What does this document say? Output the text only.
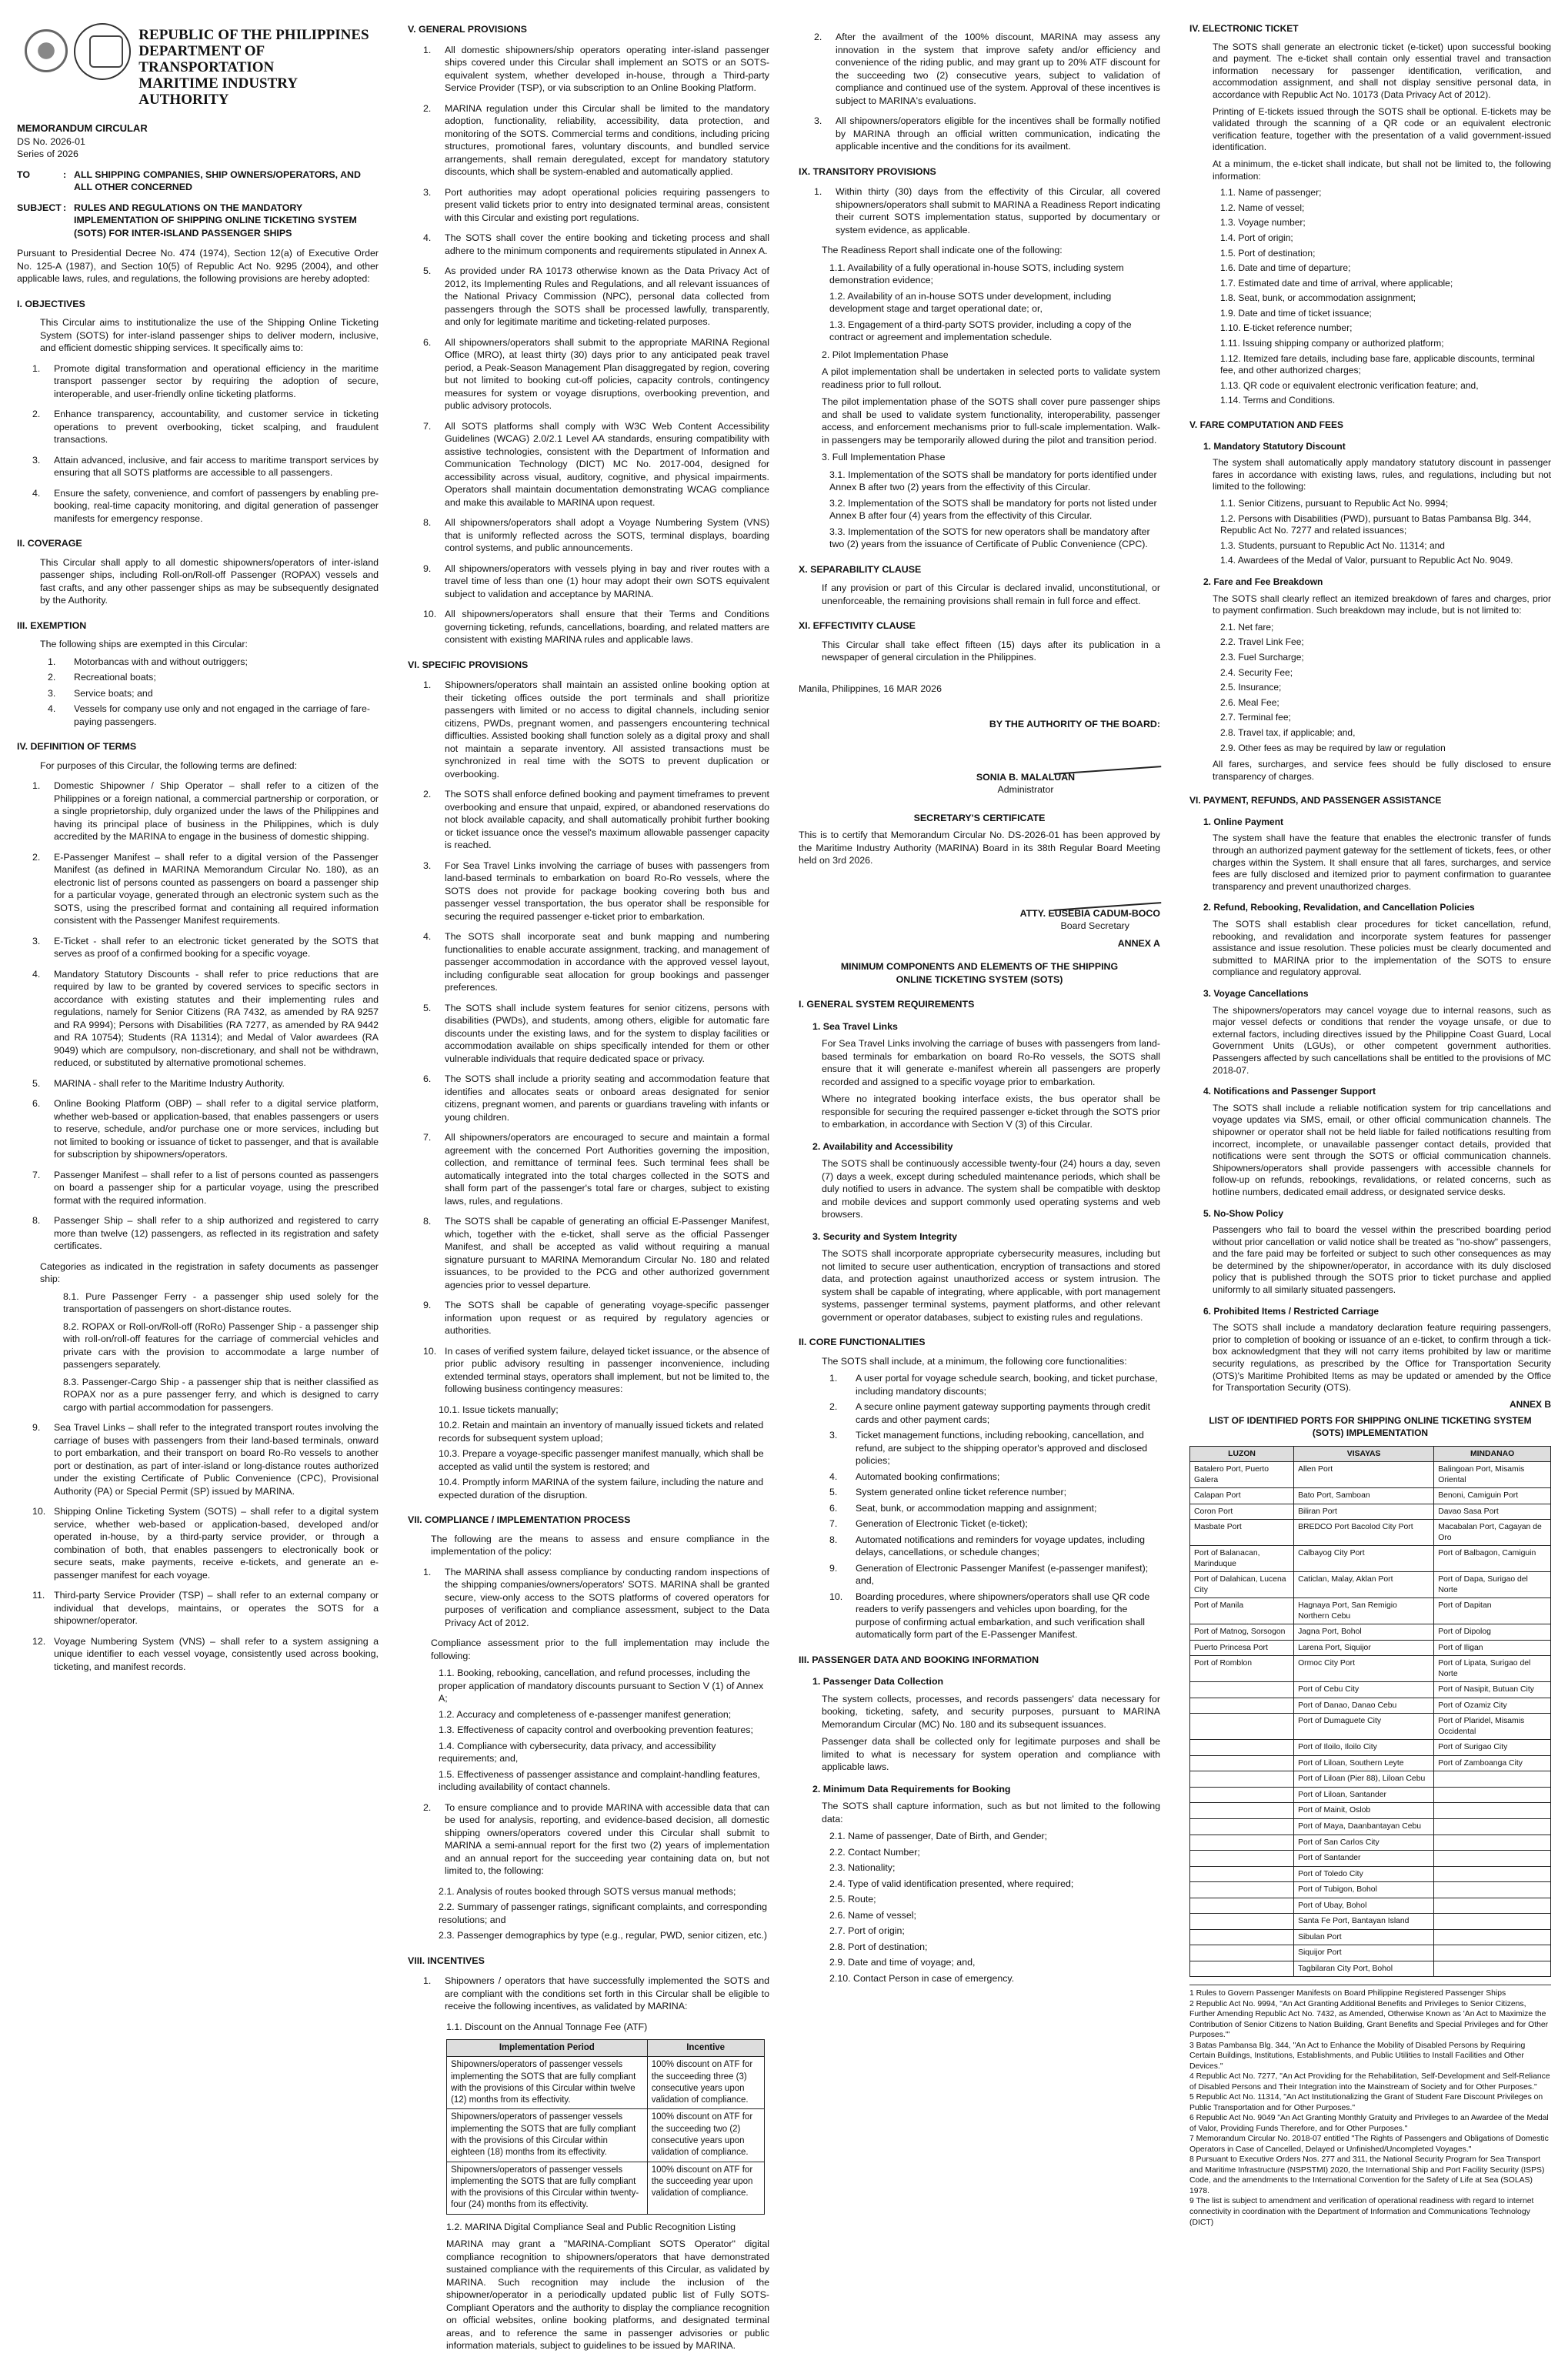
REPUBLIC OF THE PHILIPPINES
DEPARTMENT OF TRANSPORTATION
MARITIME INDUSTRY AUTHORITY
MEMORANDUM CIRCULAR
DS No. 2026-01
Series of 2026
TO	: ALL SHIPPING COMPANIES, SHIP OWNERS/OPERATORS, AND ALL OTHER CONCERNED
SUBJECT : RULES AND REGULATIONS ON THE MANDATORY IMPLEMENTATION OF SHIPPING ONLINE TICKETING SYSTEM (SOTS) FOR INTER-ISLAND PASSENGER SHIPS

Pursuant to Presidential Decree No. 474 (1974), Section 12(a) of Executive Order No. 125-A (1987), and Section 10(5) of Republic Act No. 9295 (2004), and other applicable laws, rules, and regulations, the following provisions are hereby adopted:

I. OBJECTIVES

This Circular aims to institutionalize the use of the Shipping Online Ticketing System (SOTS) for inter-island passenger ships to deliver modern, inclusive, and efficient domestic shipping services. It specifically aims to:

1.	Promote digital transformation and operational efficiency in the maritime transport passenger sector by requiring the adoption of secure, interoperable, and user-friendly online ticketing platforms.
2.	Enhance transparency, accountability, and customer service in ticketing operations to prevent overbooking, ticket scalping, and fraudulent transactions.
3.	Attain advanced, inclusive, and fair access to maritime transport services by ensuring that all SOTS platforms are accessible to all passengers.
4.	Ensure the safety, convenience, and comfort of passengers by enabling pre-booking, real-time capacity monitoring, and digital generation of passenger manifests for emergency response.
II. COVERAGE

This Circular shall apply to all domestic shipowners/operators of inter-island passenger ships, including Roll-on/Roll-off Passenger (ROPAX) vessels and fast crafts, and any other passenger ships as may be subsequently designated by the Authority.

III. EXEMPTION

The following ships are exempted in this Circular:

1.	Motorbancas with and without outriggers;
2.	Recreational boats;
3.	Service boats; and
4.	Vessels for company use only and not engaged in the carriage of fare-paying passengers.
IV. DEFINITION OF TERMS

For purposes of this Circular, the following terms are defined:

1.	Domestic Shipowner / Ship Operator – shall refer to a citizen of the Philippines or a foreign national, a commercial partnership or corporation, or a single proprietorship, duly organized under the laws of the Philippines and having its principal place of business in the Philippines, which is duly accredited by the MARINA to engage in the business of domestic shipping.
2.	E-Passenger Manifest – shall refer to a digital version of the Passenger Manifest (as defined in MARINA Memorandum Circular No. 180), as an electronic list of persons counted as passengers on board a passenger ship for a particular voyage, generated through an electronic system such as the SOTS, using the prescribed format and containing all required information consistent with the Passenger Manifest requirements.
3.	E-Ticket - shall refer to an electronic ticket generated by the SOTS that serves as proof of a confirmed booking for a specific voyage.
4.	Mandatory Statutory Discounts - shall refer to price reductions that are required by law to be granted by covered services to specific sectors in accordance with existing statutes and their implementing rules and regulations, namely for Senior Citizens (RA 7432, as amended by RA 9257 and RA 9994); Persons with Disabilities (RA 7277, as amended by RA 9442 and RA 10754); Students (RA 11314); and Medal of Valor awardees (RA 9049) which are compulsory, non-discretionary, and shall not be withdrawn, reduced, or substituted by alternative promotional schemes.
5.	MARINA - shall refer to the Maritime Industry Authority.
6.	Online Booking Platform (OBP) – shall refer to a digital service platform, whether web-based or application-based, that enables passengers or users to reserve, schedule, and/or purchase one or more services, including but not limited to booking or issuance of ticket to passenger, and that is available for subscription by shipowners/operators.
7.	Passenger Manifest – shall refer to a list of persons counted as passengers on board a passenger ship for a particular voyage, using the prescribed format with the required information.
8.	Passenger Ship – shall refer to a ship authorized and registered to carry more than twelve (12) passengers, as reflected in its registration and safety certificates.

Categories as indicated in the registration in safety documents as passenger ship:

8.1. Pure Passenger Ferry - a passenger ship used solely for the transportation of passengers on short-distance routes.

8.2. ROPAX or Roll-on/Roll-off (RoRo) Passenger Ship - a passenger ship with roll-on/roll-off features for the carriage of commercial vehicles and private cars with the provision to accommodate a large number of passengers separately.

8.3. Passenger-Cargo Ship - a passenger ship that is neither classified as ROPAX nor as a pure passenger ferry, and which is designed to carry cargo with partial accommodation for passengers.

9.	Sea Travel Links – shall refer to the integrated transport routes involving the carriage of buses with passengers from their land-based terminals, onward to port embarkation, and their transport on board Ro-Ro vessels to another port or destination, as part of inter-island or long-distance routes authorized under the existing Certificate of Public Convenience (CPC), Provisional Authority (PA) or Special Permit (SP) issued by MARINA.
10. Shipping Online Ticketing System (SOTS) – shall refer to a digital system service, whether web-based or application-based, developed and/or operated in-house, by a third-party service provider, or through a combination of both, that enables passengers to electronically book or secure seats, make payments, receive e-tickets, and generate an e-passenger manifest for each voyage.
11. Third-party Service Provider (TSP) – shall refer to an external company or individual that develops, maintains, or operates the SOTS for a shipowner/operator.
12. Voyage Numbering System (VNS) – shall refer to a system assigning a unique identifier to each vessel voyage, consistently used across booking, ticketing, and manifest records.
V. GENERAL PROVISIONS
1.	All domestic shipowners/ship operators operating inter-island passenger ships covered under this Circular shall implement an SOTS or an SOTS-equivalent system, whether developed in-house, through a Third-party Service Provider (TSP), or via subscription to an Online Booking Platform.
2.	MARINA regulation under this Circular shall be limited to the mandatory adoption, functionality, reliability, accessibility, data protection, and monitoring of the SOTS. Commercial terms and conditions, including pricing structures, promotional fares, voluntary discounts, and bundled service arrangements, shall remain deregulated, except for mandatory statutory discounts, which shall be system-enabled and automatically applied.
3.	Port authorities may adopt operational policies requiring passengers to present valid tickets prior to entry into designated terminal areas, consistent with this Circular and existing port regulations.
4.	The SOTS shall cover the entire booking and ticketing process and shall adhere to the minimum components and requirements stipulated in Annex A.
5.	As provided under RA 10173 otherwise known as the Data Privacy Act of 2012, its Implementing Rules and Regulations, and all relevant issuances of the National Privacy Commission (NPC), personal data collected from passengers through the SOTS shall be processed lawfully, transparently, and only for legitimate maritime and ticketing-related purposes.
6.	All shipowners/operators shall submit to the appropriate MARINA Regional Office (MRO), at least thirty (30) days prior to any anticipated peak travel period, a Peak-Season Management Plan disaggregated by region, covering but not limited to booking cut-off policies, capacity controls, contingency measures for system or voyage disruptions, overbooking prevention, and public advisory protocols.
7.	All SOTS platforms shall comply with W3C Web Content Accessibility Guidelines (WCAG) 2.0/2.1 Level AA standards, ensuring compatibility with assistive technologies, consistent with the Department of Information and Communication Technology (DICT) MC No. 2017-004, designed for accessibility across visual, auditory, cognitive, and physical impairments. Operators shall maintain documentation demonstrating WCAG compliance and make this available to MARINA upon request.
8.	All shipowners/operators shall adopt a Voyage Numbering System (VNS) that is uniformly reflected across the SOTS, terminal displays, boarding control systems, and public announcements.
9.	All shipowners/operators with vessels plying in bay and river routes with a travel time of less than one (1) hour may adopt their own SOTS equivalent subject to validation and acceptance by MARINA.
10. All shipowners/operators shall ensure that their Terms and Conditions governing ticketing, refunds, cancellations, boarding, and related matters are consistent with existing MARINA rules and applicable laws.
VI. SPECIFIC PROVISIONS
1.	Shipowners/operators shall maintain an assisted online booking option at their ticketing offices outside the port terminals and shall prioritize passengers with limited or no access to digital channels, including senior citizens, PWDs, pregnant women, and passengers encountering technical difficulties. Assisted booking shall function solely as a digital proxy and shall not maintain a separate inventory. All assisted transactions must be synchronized in real time with the SOTS to prevent duplication or overbooking.
2.	The SOTS shall enforce defined booking and payment timeframes to prevent overbooking and ensure that unpaid, expired, or abandoned reservations do not block available capacity, and shall automatically prohibit further booking or ticket issuance once the vessel's maximum allowable passenger capacity is reached.
3.	For Sea Travel Links involving the carriage of buses with passengers from land-based terminals to embarkation on board Ro-Ro vessels, where the SOTS does not provide for package booking covering both bus and passenger vessel transportation, the bus operator shall be responsible for securing the required passenger e-ticket prior to embarkation.
4.	The SOTS shall incorporate seat and bunk mapping and numbering functionalities to enable accurate assignment, tracking, and management of passenger accommodation in accordance with the approved vessel layout, including configurable seat allocation for group bookings and passenger preferences.
5.	The SOTS shall include system features for senior citizens, persons with disabilities (PWDs), and students, among others, eligible for automatic fare discounts under the existing laws, and for the system to display facilities or accommodation available on ships specifically intended for them or other vulnerable individuals that require dedicated space or privacy.
6.	The SOTS shall include a priority seating and accommodation feature that identifies and allocates seats or onboard areas designated for senior citizens, pregnant women, and parents or guardians traveling with infants or young children.
7.	All shipowners/operators are encouraged to secure and maintain a formal agreement with the concerned Port Authorities governing the imposition, collection, and remittance of terminal fees. Such terminal fees shall be automatically integrated into the total charges collected in the SOTS and shall form part of the passenger's total fare or charges, subject to existing laws, rules, and regulations.
8.	The SOTS shall be capable of generating an official E-Passenger Manifest, which, together with the e-ticket, shall serve as the official Passenger Manifest, and shall be accepted as valid without requiring a manual signature pursuant to MARINA Memorandum Circular No. 180 and related issuances, to be provided to the PCG and other authorized government agencies prior to vessel departure.
9.	The SOTS shall be capable of generating voyage-specific passenger information upon request or as required by regulatory agencies or authorities.
10. In cases of verified system failure, delayed ticket issuance, or the absence of prior public advisory resulting in passenger inconvenience, including extended terminal stays, operators shall implement, but not be limited to, the following business contingency measures:
10.1. Issue tickets manually;
10.2. Retain and maintain an inventory of manually issued tickets and related records for subsequent system upload;
10.3. Prepare a voyage-specific passenger manifest manually, which shall be accepted as valid until the system is restored; and
10.4. Promptly inform MARINA of the system failure, including the nature and expected duration of the disruption.
VII. COMPLIANCE / IMPLEMENTATION PROCESS

The following are the means to assess and ensure compliance in the implementation of the policy:

1.	The MARINA shall assess compliance by conducting random inspections of the shipping companies/owners/operators' SOTS. MARINA shall be granted secure, view-only access to the SOTS platforms of covered operators for purposes of verification and compliance assessment, subject to the Data Privacy Act of 2012.

Compliance assessment prior to the full implementation may include the following:

1.1. Booking, rebooking, cancellation, and refund processes, including the proper application of mandatory discounts pursuant to Section V (1) of Annex A;
1.2. Accuracy and completeness of e-passenger manifest generation;
1.3. Effectiveness of capacity control and overbooking prevention features;
1.4. Compliance with cybersecurity, data privacy, and accessibility requirements; and,
1.5. Effectiveness of passenger assistance and complaint-handling features, including availability of contact channels.
2.	To ensure compliance and to provide MARINA with accessible data that can be used for analysis, reporting, and evidence-based decision, all domestic shipping owners/operators covered under this Circular shall submit to MARINA a semi-annual report for the first two (2) years of implementation and an annual report for the succeeding year containing data on, but not limited to, the following:
2.1. Analysis of routes booked through SOTS versus manual methods;
2.2. Summary of passenger ratings, significant complaints, and corresponding resolutions; and
2.3. Passenger demographics by type (e.g., regular, PWD, senior citizen, etc.)
VIII. INCENTIVES
1.	Shipowners / operators that have successfully implemented the SOTS and are compliant with the conditions set forth in this Circular shall be eligible to receive the following incentives, as validated by MARINA:

1.1. Discount on the Annual Tonnage Fee (ATF)

Implementation Period	Incentive
Shipowners/operators of passenger vessels implementing the SOTS that are fully compliant with the provisions of this Circular within twelve (12) months from its effectivity.	100% discount on ATF for the succeeding three (3) consecutive years upon validation of compliance.
Shipowners/operators of passenger vessels implementing the SOTS that are fully compliant with the provisions of this Circular within eighteen (18) months from its effectivity.	100% discount on ATF for the succeeding two (2) consecutive years upon validation of compliance.
Shipowners/operators of passenger vessels implementing the SOTS that are fully compliant with the provisions of this Circular within twenty-four (24) months from its effectivity.	100% discount on ATF for the succeeding year upon validation of compliance.

1.2. MARINA Digital Compliance Seal and Public Recognition Listing

MARINA may grant a "MARINA-Compliant SOTS Operator" digital compliance recognition to shipowners/operators that have demonstrated sustained compliance with the requirements of this Circular, as validated by MARINA. Such recognition may include the inclusion of the shipowner/operator in a periodically updated public list of Fully SOTS-Compliant Operators and the authority to display the compliance recognition on official websites, online booking platforms, and designated terminal areas, and to reference the same in passenger advisories or public information materials, subject to guidelines to be issued by MARINA.

2.	After the availment of the 100% discount, MARINA may assess any innovation in the system that improve safety and/or efficiency and convenience of the riding public, and may grant up to 20% ATF discount for the succeeding two (2) consecutive years, subject to validation of compliance and continued use of the system. Approval of these incentives is subject to MARINA's evaluations.
3.	All shipowners/operators eligible for the incentives shall be formally notified by MARINA through an official written communication, indicating the applicable incentive and the conditions for its availment.
IX. TRANSITORY PROVISIONS
1.	Within thirty (30) days from the effectivity of this Circular, all covered shipowners/operators shall submit to MARINA a Readiness Report indicating their current SOTS implementation status, supported by documentary or system evidence, as applicable.

The Readiness Report shall indicate one of the following:

1.1. Availability of a fully operational in-house SOTS, including system demonstration evidence;
1.2. Availability of an in-house SOTS under development, including development stage and target operational date; or,
1.3. Engagement of a third-party SOTS provider, including a copy of the contract or agreement and implementation schedule.

2. Pilot Implementation Phase

A pilot implementation shall be undertaken in selected ports to validate system readiness prior to full rollout.

The pilot implementation phase of the SOTS shall cover pure passenger ships and shall be used to validate system functionality, interoperability, passenger access, and enforcement mechanisms prior to full-scale implementation. Walk-in passengers may be temporarily allowed during the pilot and transition period.

3. Full Implementation Phase

3.1. Implementation of the SOTS shall be mandatory for ports identified under Annex B after two (2) years from the effectivity of this Circular.
3.2. Implementation of the SOTS shall be mandatory for ports not listed under Annex B after four (4) years from the effectivity of this Circular.
3.3. Implementation of the SOTS for new operators shall be mandatory after two (2) years from the issuance of Certificate of Public Convenience (CPC).
X. SEPARABILITY CLAUSE

If any provision or part of this Circular is declared invalid, unconstitutional, or unenforceable, the remaining provisions shall remain in full force and effect.

XI. EFFECTIVITY CLAUSE

This Circular shall take effect fifteen (15) days after its publication in a newspaper of general circulation in the Philippines.

Manila, Philippines, 16 MAR 2026

BY THE AUTHORITY OF THE BOARD:
SONIA B. MALALUAN
Administrator
SECRETARY'S CERTIFICATE

This is to certify that Memorandum Circular No. DS-2026-01 has been approved by the Maritime Industry Authority (MARINA) Board in its 38th Regular Board Meeting held on 3rd 2026.

ATTY. EUSEBIA CADUM-BOCO
Board Secretary
ANNEX A
MINIMUM COMPONENTS AND ELEMENTS OF THE SHIPPING ONLINE TICKETING SYSTEM (SOTS)
I. GENERAL SYSTEM REQUIREMENTS
1. Sea Travel Links

For Sea Travel Links involving the carriage of buses with passengers from land-based terminals for embarkation on board Ro-Ro vessels, the SOTS shall ensure that it will generate e-manifest wherein all passengers are properly recorded and assigned to a specific voyage prior to embarkation.

Where no integrated booking interface exists, the bus operator shall be responsible for securing the required passenger e-ticket through the SOTS prior to embarkation, in accordance with Section V (3) of this Circular.

2. Availability and Accessibility

The SOTS shall be continuously accessible twenty-four (24) hours a day, seven (7) days a week, except during scheduled maintenance periods, which shall be duly notified to users in advance. The system shall be compatible with desktop and mobile devices and support commonly used operating systems and web browsers.

3. Security and System Integrity

The SOTS shall incorporate appropriate cybersecurity measures, including but not limited to secure user authentication, encryption of transactions and stored data, and protection against unauthorized access or system intrusion. The system shall be capable of integrating, where applicable, with port management systems, passenger terminal systems, payment platforms, and other relevant government or operator databases, subject to existing rules and regulations.

II. CORE FUNCTIONALITIES

The SOTS shall include, at a minimum, the following core functionalities:

1.	A user portal for voyage schedule search, booking, and ticket purchase, including mandatory discounts;
2.	A secure online payment gateway supporting payments through credit cards and other payment cards;
3.	Ticket management functions, including rebooking, cancellation, and refund, are subject to the shipping operator's approved and disclosed policies;
4.	Automated booking confirmations;
5.	System generated online ticket reference number;
6.	Seat, bunk, or accommodation mapping and assignment;
7.	Generation of Electronic Ticket (e-ticket);
8.	Automated notifications and reminders for voyage updates, including delays, cancellations, or schedule changes;
9.	Generation of Electronic Passenger Manifest (e-passenger manifest); and,
10.	Boarding procedures, where shipowners/operators shall use QR code readers to verify passengers and vehicles upon boarding, for the purpose of confirming actual embarkation, and such verification shall automatically form part of the E-Passenger Manifest.
III. PASSENGER DATA AND BOOKING INFORMATION
1. Passenger Data Collection

The system collects, processes, and records passengers' data necessary for booking, ticketing, safety, and security purposes, pursuant to MARINA Memorandum Circular (MC) No. 180 and its subsequent issuances.

Passenger data shall be collected only for legitimate purposes and shall be limited to what is necessary for system operation and compliance with applicable laws.

2. Minimum Data Requirements for Booking

The SOTS shall capture information, such as but not limited to the following data:

2.1. Name of passenger, Date of Birth, and Gender;
2.2. Contact Number;
2.3. Nationality;
2.4. Type of valid identification presented, where required;
2.5. Route;
2.6. Name of vessel;
2.7. Port of origin;
2.8. Port of destination;
2.9. Date and time of voyage; and,
2.10. Contact Person in case of emergency.
IV. ELECTRONIC TICKET

The SOTS shall generate an electronic ticket (e-ticket) upon successful booking and payment. The e-ticket shall contain only essential travel and transaction information necessary for passenger identification, verification, and accommodation assignment, and shall not display sensitive personal data, in accordance with Republic Act No. 10173 (Data Privacy Act of 2012).

Printing of E-tickets issued through the SOTS shall be optional. E-tickets may be validated through the scanning of a QR code or an equivalent electronic verification feature, together with the presentation of a valid government-issued identification.

At a minimum, the e-ticket shall indicate, but shall not be limited to, the following information:

1.1. Name of passenger;
1.2. Name of vessel;
1.3. Voyage number;
1.4. Port of origin;
1.5. Port of destination;
1.6. Date and time of departure;
1.7. Estimated date and time of arrival, where applicable;
1.8. Seat, bunk, or accommodation assignment;
1.9. Date and time of ticket issuance;
1.10. E-ticket reference number;
1.11. Issuing shipping company or authorized platform;
1.12. Itemized fare details, including base fare, applicable discounts, terminal fee, and other authorized charges;
1.13. QR code or equivalent electronic verification feature; and,
1.14. Terms and Conditions.
V. FARE COMPUTATION AND FEES
1. Mandatory Statutory Discount

The system shall automatically apply mandatory statutory discount in passenger fares in accordance with existing laws, rules, and regulations, including but not limited to the following:

1.1. Senior Citizens, pursuant to Republic Act No. 9994;
1.2. Persons with Disabilities (PWD), pursuant to Batas Pambansa Blg. 344, Republic Act No. 7277 and related issuances;
1.3. Students, pursuant to Republic Act No. 11314; and
1.4. Awardees of the Medal of Valor, pursuant to Republic Act No. 9049.
2. Fare and Fee Breakdown

The SOTS shall clearly reflect an itemized breakdown of fares and charges, prior to payment confirmation. Such breakdown may include, but is not limited to:

2.1. Net fare;
2.2. Travel Link Fee;
2.3. Fuel Surcharge;
2.4. Security Fee;
2.5. Insurance;
2.6. Meal Fee;
2.7. Terminal fee;
2.8. Travel tax, if applicable; and,
2.9. Other fees as may be required by law or regulation

All fares, surcharges, and service fees should be fully disclosed to ensure transparency of charges.

VI. PAYMENT, REFUNDS, AND PASSENGER ASSISTANCE
1. Online Payment

The system shall have the feature that enables the electronic transfer of funds through an authorized payment gateway for the settlement of tickets, fees, or other charges within the System. It shall ensure that all fares, surcharges, and service fees are fully disclosed and itemized prior to payment confirmation to guarantee transparency and prevent unauthorized charges.

2. Refund, Rebooking, Revalidation, and Cancellation Policies

The SOTS shall establish clear procedures for ticket cancellation, refund, rebooking, and revalidation and incorporate system features for passenger assistance and issue resolution. These policies must be clearly documented and submitted to MARINA prior to the implementation of the SOTS to ensure compliance and regulatory approval.

3. Voyage Cancellations

The shipowners/operators may cancel voyage due to internal reasons, such as major vessel defects or conditions that render the voyage unsafe, or due to external factors, including directives issued by the Philippine Coast Guard, Local Government Units (LGUs), or other competent government authorities. Passengers affected by such cancellations shall be entitled to the provisions of MC 2018-07.

4. Notifications and Passenger Support

The SOTS shall include a reliable notification system for trip cancellations and voyage updates via SMS, email, or other official communication channels. The shipowner or operator shall not be held liable for failed notifications resulting from incorrect, incomplete, or unavailable passenger contact details, provided that notifications were sent through the SOTS or official communication channels. Shipowners/operators shall provide passengers with accessible channels for follow-up on refunds, rebookings, revalidations, or related concerns, such as hotline numbers, dedicated email address, or designated service desks.

5. No-Show Policy

Passengers who fail to board the vessel within the prescribed boarding period without prior cancellation or valid notice shall be treated as "no-show" passengers, and the fare paid may be forfeited or subject to such other consequences as may be determined by the shipowner/operator, in accordance with its duly disclosed policy that is published through the SOTS prior to ticket purchase and applied uniformly to all similarly situated passengers.

6. Prohibited Items / Restricted Carriage

The SOTS shall include a mandatory declaration feature requiring passengers, prior to completion of booking or issuance of an e-ticket, to confirm through a tick-box acknowledgment that they will not carry items prohibited by law or maritime security regulations, as prescribed by the Office for Transportation Security (OTS)'s Maritime Prohibited Items as may be updated or amended by the Office for Transportation Security (OTS).

ANNEX B
LIST OF IDENTIFIED PORTS FOR SHIPPING ONLINE TICKETING SYSTEM (SOTS) IMPLEMENTATION
LUZON	VISAYAS	MINDANAO
Batalero Port, Puerto Galera	Allen Port	Balingoan Port, Misamis Oriental
Calapan Port	Bato Port, Samboan	Benoni, Camiguin Port
Coron Port	Biliran Port	Davao Sasa Port
Masbate Port	BREDCO Port Bacolod City Port	Macabalan Port, Cagayan de Oro
Port of Balanacan, Marinduque	Calbayog City Port	Port of Balbagon, Camiguin
Port of Dalahican, Lucena City	Caticlan, Malay, Aklan Port	Port of Dapa, Surigao del Norte
Port of Manila	Hagnaya Port, San Remigio Northern Cebu	Port of Dapitan
Port of Matnog, Sorsogon	Jagna Port, Bohol	Port of Dipolog
Puerto Princesa Port	Larena Port, Siquijor	Port of Iligan
Port of Romblon	Ormoc City Port	Port of Lipata, Surigao del Norte
	Port of Cebu City	Port of Nasipit, Butuan City
	Port of Danao, Danao Cebu	Port of Ozamiz City
	Port of Dumaguete City	Port of Plaridel, Misamis Occidental
	Port of Iloilo, Iloilo City	Port of Surigao City
	Port of Liloan, Southern Leyte	Port of Zamboanga City
	Port of Liloan (Pier 88), Liloan Cebu	
	Port of Liloan, Santander	
	Port of Mainit, Oslob	
	Port of Maya, Daanbantayan Cebu	
	Port of San Carlos City	
	Port of Santander	
	Port of Toledo City	
	Port of Tubigon, Bohol	
	Port of Ubay, Bohol	
	Santa Fe Port, Bantayan Island	
	Sibulan Port	
	Siquijor Port	
	Tagbilaran City Port, Bohol	
1 Rules to Govern Passenger Manifests on Board Philippine Registered Passenger Ships
2 Republic Act No. 9994, "An Act Granting Additional Benefits and Privileges to Senior Citizens, Further Amending Republic Act No. 7432, as Amended, Otherwise Known as 'An Act to Maximize the Contribution of Senior Citizens to Nation Building, Grant Benefits and Special Privileges and for Other Purposes.'"
3 Batas Pambansa Blg. 344, "An Act to Enhance the Mobility of Disabled Persons by Requiring Certain Buildings, Institutions, Establishments, and Public Utilities to Install Facilities and Other Devices."
4 Republic Act No. 7277, "An Act Providing for the Rehabilitation, Self-Development and Self-Reliance of Disabled Persons and Their Integration into the Mainstream of Society and for Other Purposes."
5 Republic Act No. 11314, "An Act Institutionalizing the Grant of Student Fare Discount Privileges on Public Transportation and for Other Purposes."
6 Republic Act No. 9049 "An Act Granting Monthly Gratuity and Privileges to an Awardee of the Medal of Valor, Providing Funds Therefore, and for Other Purposes."
7 Memorandum Circular No. 2018-07 entitled "The Rights of Passengers and Obligations of Domestic Operators in Case of Cancelled, Delayed or Unfinished/Uncompleted Voyages."
8 Pursuant to Executive Orders Nos. 277 and 311, the National Security Program for Sea Transport and Maritime Infrastructure (NSPSTMI) 2020, the International Ship and Port Facility Security (ISPS) Code, and the amendments to the International Convention for the Safety of Life at Sea (SOLAS) 1978.
9 The list is subject to amendment and verification of operational readiness with regard to internet connectivity in coordination with the Department of Information and Communications Technology (DICT)
